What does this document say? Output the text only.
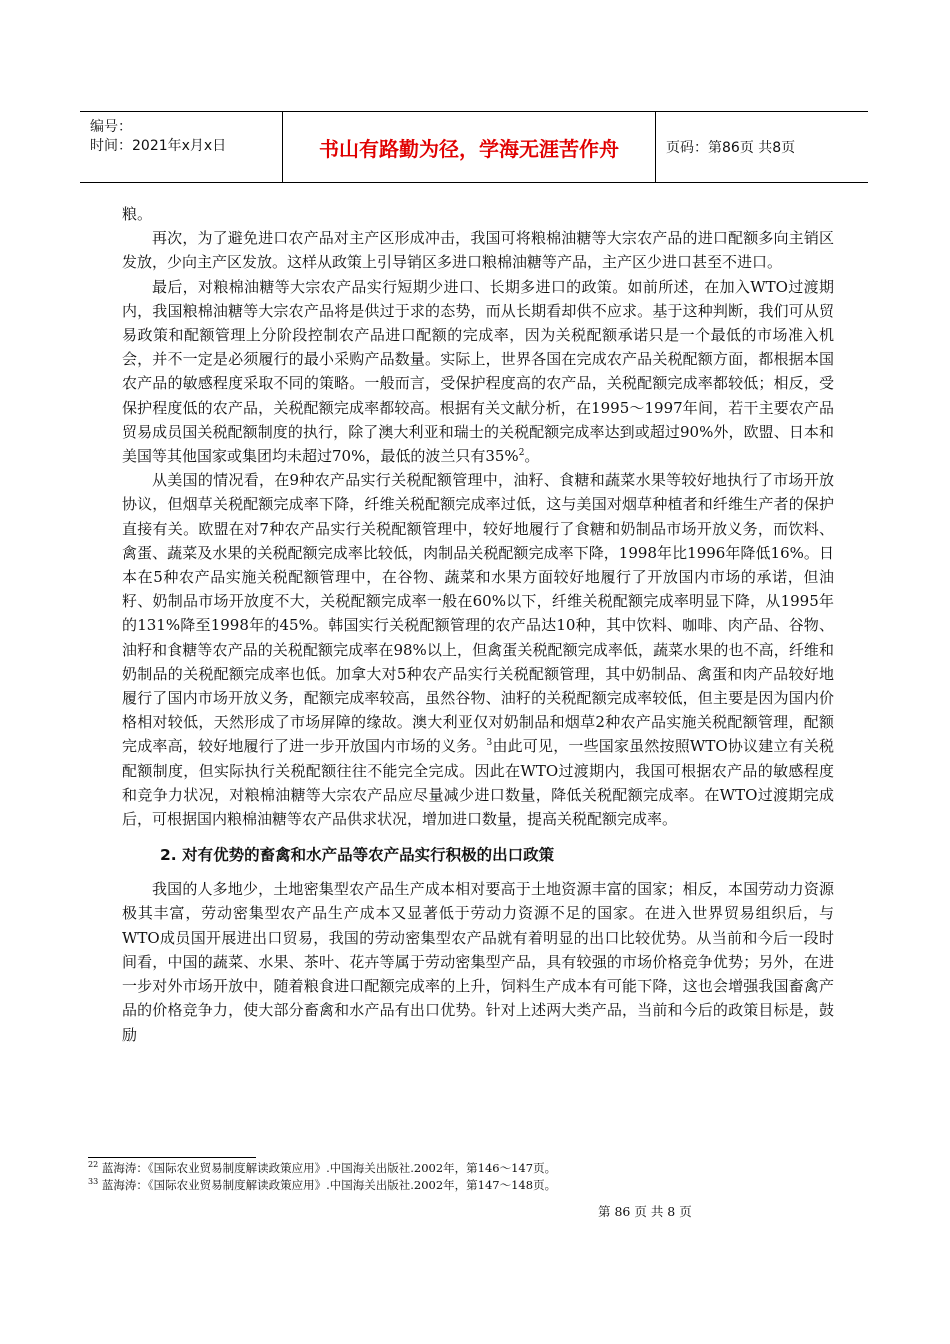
编号：
时间：2021年x月x日	书山有路勤为径，学海无涯苦作舟	页码：第86页 共8页

粮。

再次，为了避免进口农产品对主产区形成冲击，我国可将粮棉油糖等大宗农产品的进口配额多向主销区发放，少向主产区发放。这样从政策上引导销区多进口粮棉油糖等产品，主产区少进口甚至不进口。

最后，对粮棉油糖等大宗农产品实行短期少进口、长期多进口的政策。如前所述，在加入WTO过渡期内，我国粮棉油糖等大宗农产品将是供过于求的态势，而从长期看却供不应求。基于这种判断，我们可从贸易政策和配额管理上分阶段控制农产品进口配额的完成率，因为关税配额承诺只是一个最低的市场准入机会，并不一定是必须履行的最小采购产品数量。实际上，世界各国在完成农产品关税配额方面，都根据本国农产品的敏感程度采取不同的策略。一般而言，受保护程度高的农产品，关税配额完成率都较低；相反，受保护程度低的农产品，关税配额完成率都较高。根据有关文献分析，在1995～1997年间，若干主要农产品贸易成员国关税配额制度的执行，除了澳大利亚和瑞士的关税配额完成率达到或超过90%外，欧盟、日本和美国等其他国家或集团均未超过70%，最低的波兰只有35%$^2$。

从美国的情况看，在9种农产品实行关税配额管理中，油籽、食糖和蔬菜水果等较好地执行了市场开放协议，但烟草关税配额完成率下降，纤维关税配额完成率过低，这与美国对烟草种植者和纤维生产者的保护直接有关。欧盟在对7种农产品实行关税配额管理中，较好地履行了食糖和奶制品市场开放义务，而饮料、禽蛋、蔬菜及水果的关税配额完成率比较低，肉制品关税配额完成率下降，1998年比1996年降低16%。日本在5种农产品实施关税配额管理中，在谷物、蔬菜和水果方面较好地履行了开放国内市场的承诺，但油籽、奶制品市场开放度不大，关税配额完成率一般在60%以下，纤维关税配额完成率明显下降，从1995年的131%降至1998年的45%。韩国实行关税配额管理的农产品达10种，其中饮料、咖啡、肉产品、谷物、油籽和食糖等农产品的关税配额完成率在98%以上，但禽蛋关税配额完成率低，蔬菜水果的也不高，纤维和奶制品的关税配额完成率也低。加拿大对5种农产品实行关税配额管理，其中奶制品、禽蛋和肉产品较好地履行了国内市场开放义务，配额完成率较高，虽然谷物、油籽的关税配额完成率较低，但主要是因为国内价格相对较低，天然形成了市场屏障的缘故。澳大利亚仅对奶制品和烟草2种农产品实施关税配额管理，配额完成率高，较好地履行了进一步开放国内市场的义务。$^3$由此可见，一些国家虽然按照WTO协议建立有关税配额制度，但实际执行关税配额往往不能完全完成。因此在WTO过渡期内，我国可根据农产品的敏感程度和竞争力状况，对粮棉油糖等大宗农产品应尽量减少进口数量，降低关税配额完成率。在WTO过渡期完成后，可根据国内粮棉油糖等农产品供求状况，增加进口数量，提高关税配额完成率。

2. 对有优势的畜禽和水产品等农产品实行积极的出口政策

我国的人多地少，土地密集型农产品生产成本相对要高于土地资源丰富的国家；相反，本国劳动力资源极其丰富，劳动密集型农产品生产成本又显著低于劳动力资源不足的国家。在进入世界贸易组织后，与WTO成员国开展进出口贸易，我国的劳动密集型农产品就有着明显的出口比较优势。从当前和今后一段时间看，中国的蔬菜、水果、茶叶、花卉等属于劳动密集型产品，具有较强的市场价格竞争优势；另外，在进一步对外市场开放中，随着粮食进口配额完成率的上升，饲料生产成本有可能下降，这也会增强我国畜禽产品的价格竞争力，使大部分畜禽和水产品有出口优势。针对上述两大类产品，当前和今后的政策目标是，鼓励

$^{22}$ 蓝海涛：《国际农业贸易制度解读政策应用》.中国海关出版社.2002年，第146～147页。
$^{33}$ 蓝海涛：《国际农业贸易制度解读政策应用》.中国海关出版社.2002年，第147～148页。
第 86 页 共 8 页
